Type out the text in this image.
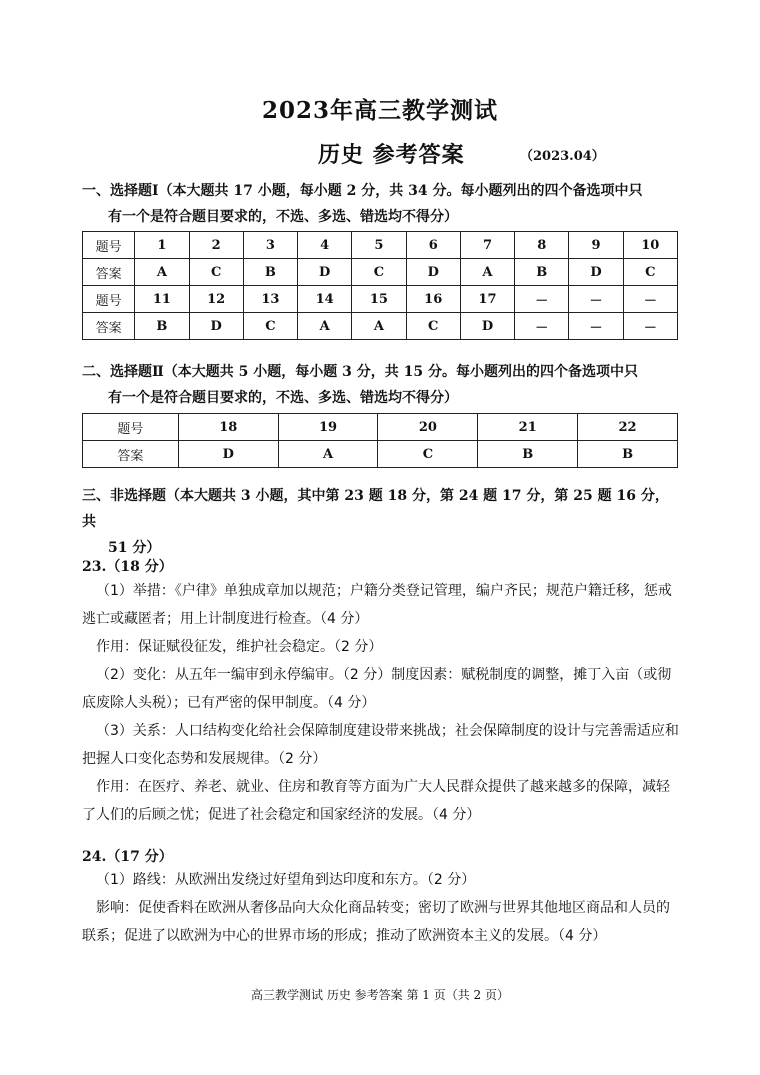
2023年高三教学测试
历史 参考答案	（2023.04）
一、选择题Ⅰ（本大题共 17 小题，每小题 2 分，共 34 分。每小题列出的四个备选项中只
有一个是符合题目要求的，不选、多选、错选均不得分）
题号	1	2	3	4	5	6	7	8	9	10
答案	A	C	B	D	C	D	A	B	D	C
题号	11	12	13	14	15	16	17	－	－	－
答案	B	D	C	A	A	C	D	－	－	－
二、选择题Ⅱ（本大题共 5 小题，每小题 3 分，共 15 分。每小题列出的四个备选项中只
有一个是符合题目要求的，不选、多选、错选均不得分）
题号	18	19	20	21	22
答案	D	A	C	B	B
三、非选择题（本大题共 3 小题，其中第 23 题 18 分，第 24 题 17 分，第 25 题 16 分，共
51 分）
23.（18 分）
（1）举措：《户律》单独成章加以规范；户籍分类登记管理，编户齐民；规范户籍迁移，惩戒逃亡或藏匿者；用上计制度进行检查。（4 分）
作用：保证赋役征发，维护社会稳定。（2 分）
（2）变化：从五年一编审到永停编审。（2 分）制度因素：赋税制度的调整，摊丁入亩（或彻底废除人头税）；已有严密的保甲制度。（4 分）
（3）关系：人口结构变化给社会保障制度建设带来挑战；社会保障制度的设计与完善需适应和把握人口变化态势和发展规律。（2 分）
作用：在医疗、养老、就业、住房和教育等方面为广大人民群众提供了越来越多的保障，减轻了人们的后顾之忧；促进了社会稳定和国家经济的发展。（4 分）
24.（17 分）
（1）路线：从欧洲出发绕过好望角到达印度和东方。（2 分）
影响：促使香料在欧洲从奢侈品向大众化商品转变；密切了欧洲与世界其他地区商品和人员的联系；促进了以欧洲为中心的世界市场的形成；推动了欧洲资本主义的发展。（4 分）
高三教学测试 历史 参考答案 第 1 页（共 2 页）
